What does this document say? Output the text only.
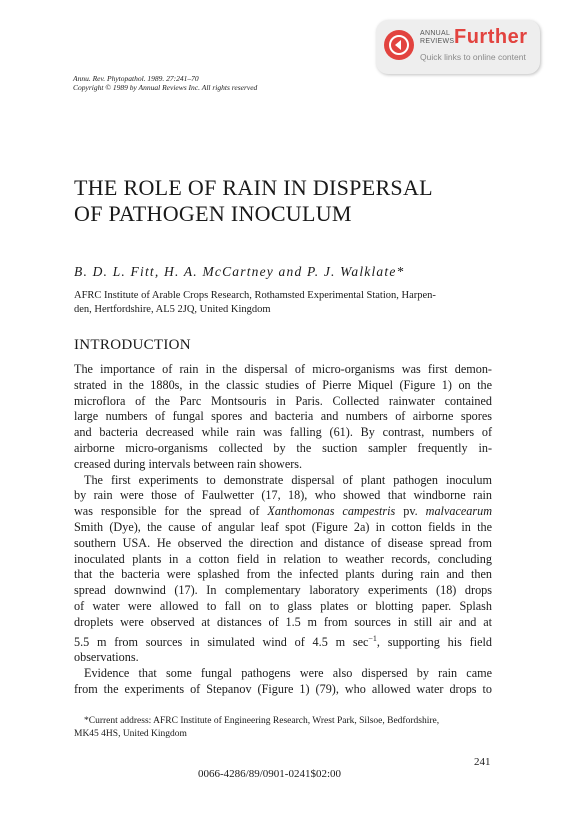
ANNUAL REVIEWS Further
Quick links to online content
Annu. Rev. Phytopathol. 1989. 27:241–70
Copyright © 1989 by Annual Reviews Inc. All rights reserved
THE ROLE OF RAIN IN DISPERSAL
OF PATHOGEN INOCULUM
B. D. L. Fitt, H. A. McCartney and P. J. Walklate*
AFRC Institute of Arable Crops Research, Rothamsted Experimental Station, Harpen-
den, Hertfordshire, AL5 2JQ, United Kingdom
INTRODUCTION
The importance of rain in the dispersal of micro-organisms was first demon-
strated in the 1880s, in the classic studies of Pierre Miquel (Figure 1) on the
microflora of the Parc Montsouris in Paris. Collected rainwater contained
large numbers of fungal spores and bacteria and numbers of airborne spores
and bacteria decreased while rain was falling (61). By contrast, numbers of
airborne micro-organisms collected by the suction sampler frequently in-
creased during intervals between rain showers.
The first experiments to demonstrate dispersal of plant pathogen inoculum
by rain were those of Faulwetter (17, 18), who showed that windborne rain
was responsible for the spread of Xanthomonas campestris pv. malvacearum
Smith (Dye), the cause of angular leaf spot (Figure 2a) in cotton fields in the
southern USA. He observed the direction and distance of disease spread from
inoculated plants in a cotton field in relation to weather records, concluding
that the bacteria were splashed from the infected plants during rain and then
spread downwind (17). In complementary laboratory experiments (18) drops
of water were allowed to fall on to glass plates or blotting paper. Splash
droplets were observed at distances of 1.5 m from sources in still air and at
5.5 m from sources in simulated wind of 4.5 m $\sec^{-1}$, supporting his field
observations.
Evidence that some fungal pathogens were also dispersed by rain came
from the experiments of Stepanov (Figure 1) (79), who allowed water drops to
*Current address: AFRC Institute of Engineering Research, Wrest Park, Silsoe, Bedfordshire,
MK45 4HS, United Kingdom
241
0066-4286/89/0901-0241$02:00
